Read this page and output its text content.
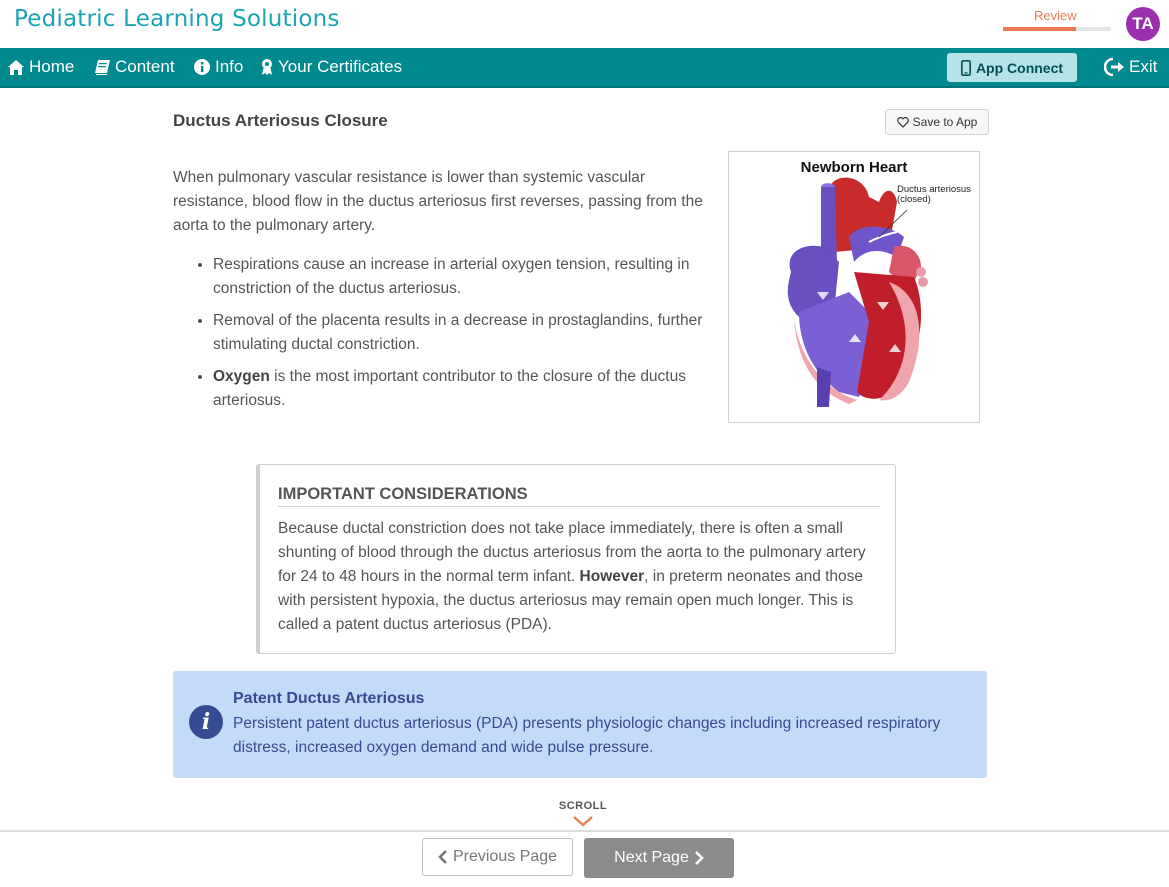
Pediatric Learning Solutions	Review	TA
Home Content Info Your Certificates	App Connect	Exit
Ductus Arteriosus Closure	Save to App

When pulmonary vascular resistance is lower than systemic vascular resistance, blood flow in the ductus arteriosus first reverses, passing from the aorta to the pulmonary artery.

• Respirations cause an increase in arterial oxygen tension, resulting in constriction of the ductus arteriosus.
• Removal of the placenta results in a decrease in prostaglandins, further stimulating ductal constriction.
• Oxygen is the most important contributor to the closure of the ductus arteriosus.
Newborn Heart
Ductus arteriosus
(closed)
IMPORTANT CONSIDERATIONS

Because ductal constriction does not take place immediately, there is often a small shunting of blood through the ductus arteriosus from the aorta to the pulmonary artery for 24 to 48 hours in the normal term infant. However, in preterm neonates and those with persistent hypoxia, the ductus arteriosus may remain open much longer. This is called a patent ductus arteriosus (PDA).

i
Patent Ductus Arteriosus
Persistent patent ductus arteriosus (PDA) presents physiologic changes including increased respiratory distress, increased oxygen demand and wide pulse pressure.
SCROLL
Previous Page	Next Page
